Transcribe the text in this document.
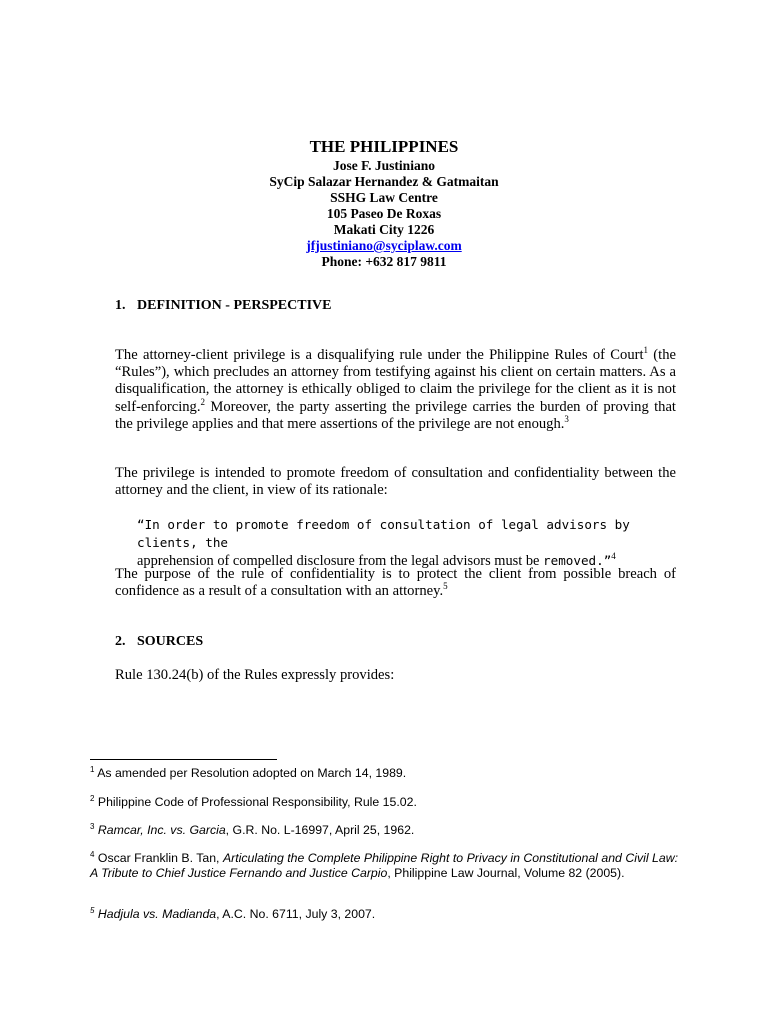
THE PHILIPPINES
Jose F. Justiniano
SyCip Salazar Hernandez & Gatmaitan
SSHG Law Centre
105 Paseo De Roxas
Makati City 1226
jfjustiniano@syciplaw.com
Phone: +632 817 9811
1. DEFINITION - PERSPECTIVE
The attorney-client privilege is a disqualifying rule under the Philippine Rules of Court$^1$ (the “Rules”), which precludes an attorney from testifying against his client on certain matters. As a disqualification, the attorney is ethically obliged to claim the privilege for the client as it is not self-enforcing.$^2$ Moreover, the party asserting the privilege carries the burden of proving that the privilege applies and that mere assertions of the privilege are not enough.$^3$
The privilege is intended to promote freedom of consultation and confidentiality between the attorney and the client, in view of its rationale:
“In order to promote freedom of consultation of legal advisors by clients, the
apprehension of compelled disclosure from the legal advisors must be removed.”$^4$
The purpose of the rule of confidentiality is to protect the client from possible breach of confidence as a result of a consultation with an attorney.$^5$
2. SOURCES
Rule 130.24(b) of the Rules expressly provides:
$^1$ As amended per Resolution adopted on March 14, 1989.
$^2$ Philippine Code of Professional Responsibility, Rule 15.02.
$^3$ Ramcar, Inc. vs. Garcia, G.R. No. L-16997, April 25, 1962.
$^4$ Oscar Franklin B. Tan, Articulating the Complete Philippine Right to Privacy in Constitutional and Civil Law: A Tribute to Chief Justice Fernando and Justice Carpio, Philippine Law Journal, Volume 82 (2005).
$^5$ Hadjula vs. Madianda, A.C. No. 6711, July 3, 2007.
